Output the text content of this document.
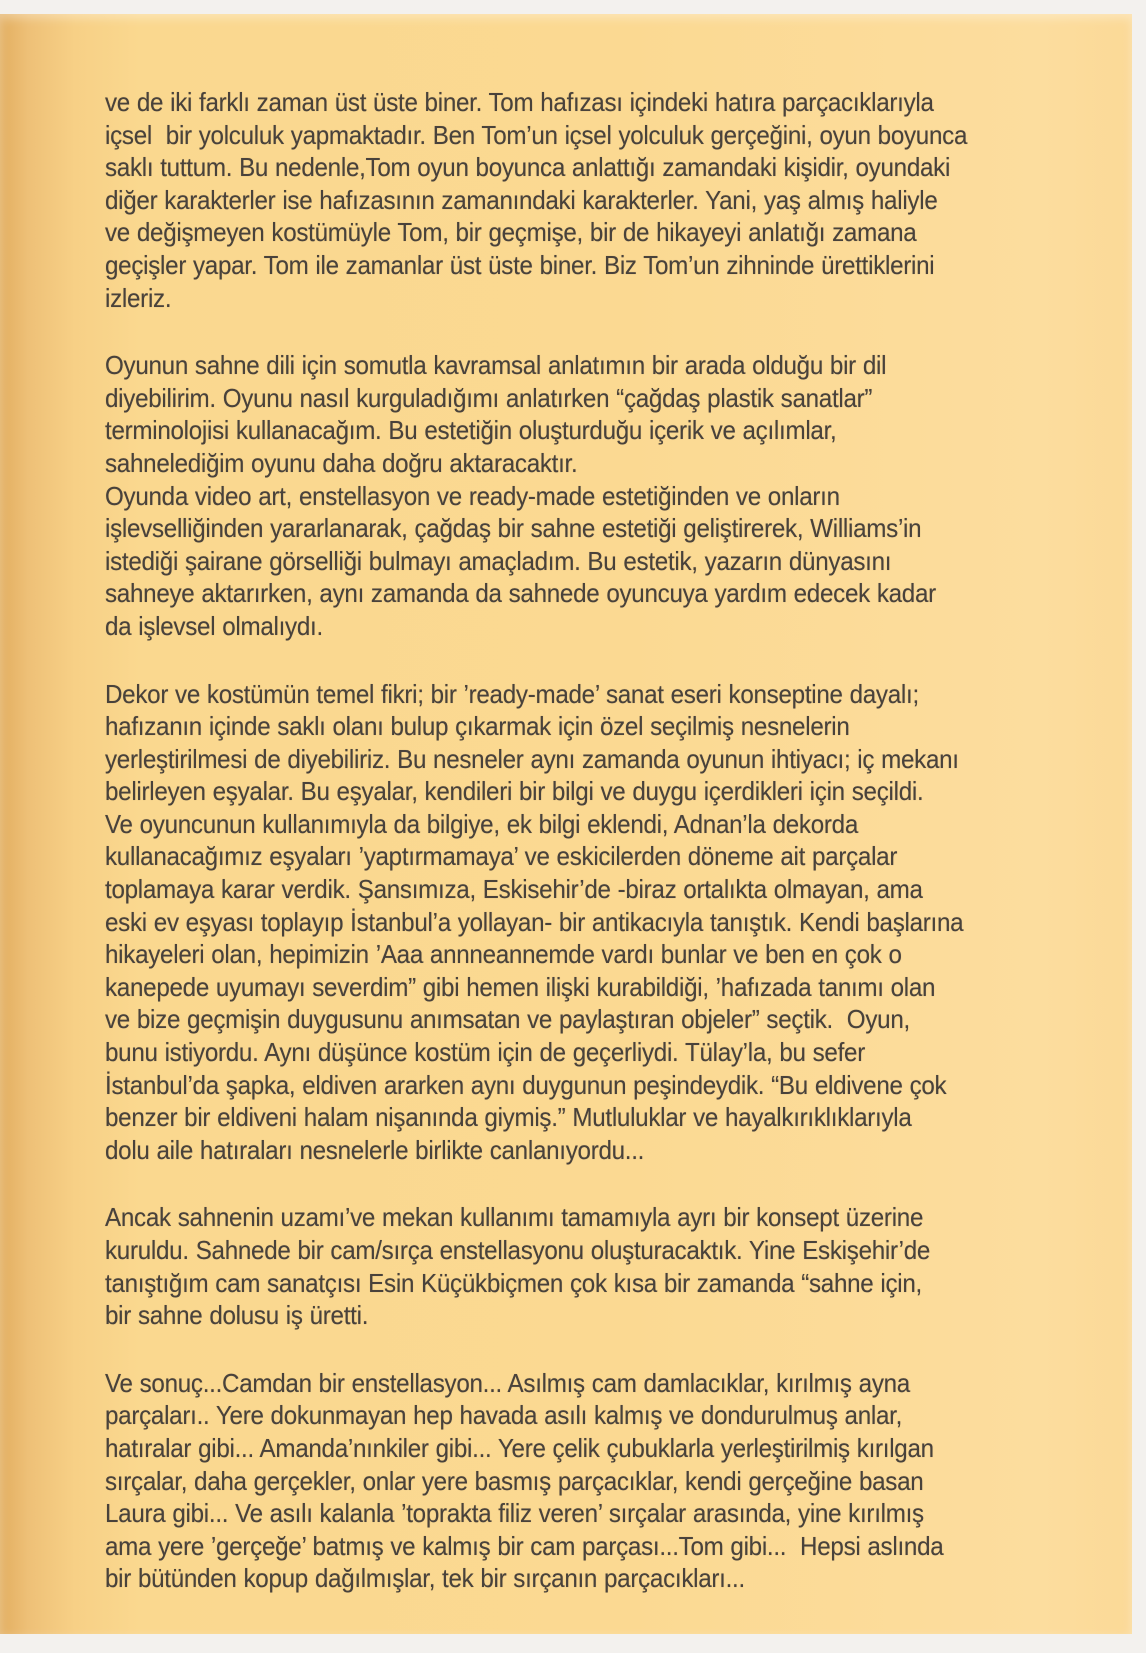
ve de iki farklı zaman üst üste biner. Tom hafızası içindeki hatıra parçacıklarıyla
içsel  bir yolculuk yapmaktadır. Ben Tom’un içsel yolculuk gerçeğini, oyun boyunca
saklı tuttum. Bu nedenle,Tom oyun boyunca anlattığı zamandaki kişidir, oyundaki
diğer karakterler ise hafızasının zamanındaki karakterler. Yani, yaş almış haliyle
ve değişmeyen kostümüyle Tom, bir geçmişe, bir de hikayeyi anlatığı zamana
geçişler yapar. Tom ile zamanlar üst üste biner. Biz Tom’un zihninde ürettiklerini
izleriz.
Oyunun sahne dili için somutla kavramsal anlatımın bir arada olduğu bir dil
diyebilirim. Oyunu nasıl kurguladığımı anlatırken “çağdaş plastik sanatlar”
terminolojisi kullanacağım. Bu estetiğin oluşturduğu içerik ve açılımlar,
sahnelediğim oyunu daha doğru aktaracaktır.
Oyunda video art, enstellasyon ve ready-made estetiğinden ve onların
işlevselliğinden yararlanarak, çağdaş bir sahne estetiği geliştirerek, Williams’in
istediği şairane görselliği bulmayı amaçladım. Bu estetik, yazarın dünyasını
sahneye aktarırken, aynı zamanda da sahnede oyuncuya yardım edecek kadar
da işlevsel olmalıydı.
Dekor ve kostümün temel fikri; bir ’ready-made’ sanat eseri konseptine dayalı;
hafızanın içinde saklı olanı bulup çıkarmak için özel seçilmiş nesnelerin
yerleştirilmesi de diyebiliriz. Bu nesneler aynı zamanda oyunun ihtiyacı; iç mekanı
belirleyen eşyalar. Bu eşyalar, kendileri bir bilgi ve duygu içerdikleri için seçildi.
Ve oyuncunun kullanımıyla da bilgiye, ek bilgi eklendi, Adnan’la dekorda
kullanacağımız eşyaları ’yaptırmamaya’ ve eskicilerden döneme ait parçalar
toplamaya karar verdik. Şansımıza, Eskisehir’de -biraz ortalıkta olmayan, ama
eski ev eşyası toplayıp İstanbul’a yollayan- bir antikacıyla tanıştık. Kendi başlarına
hikayeleri olan, hepimizin ’Aaa annneannemde vardı bunlar ve ben en çok o
kanepede uyumayı severdim” gibi hemen ilişki kurabildiği, ’hafızada tanımı olan
ve bize geçmişin duygusunu anımsatan ve paylaştıran objeler” seçtik.  Oyun,
bunu istiyordu. Aynı düşünce kostüm için de geçerliydi. Tülay’la, bu sefer
İstanbul’da şapka, eldiven ararken aynı duygunun peşindeydik. “Bu eldivene çok
benzer bir eldiveni halam nişanında giymiş.” Mutluluklar ve hayalkırıklıklarıyla
dolu aile hatıraları nesnelerle birlikte canlanıyordu...
Ancak sahnenin uzamı’ve mekan kullanımı tamamıyla ayrı bir konsept üzerine
kuruldu. Sahnede bir cam/sırça enstellasyonu oluşturacaktık. Yine Eskişehir’de
tanıştığım cam sanatçısı Esin Küçükbiçmen çok kısa bir zamanda “sahne için,
bir sahne dolusu iş üretti.
Ve sonuç...Camdan bir enstellasyon... Asılmış cam damlacıklar, kırılmış ayna
parçaları.. Yere dokunmayan hep havada asılı kalmış ve dondurulmuş anlar,
hatıralar gibi... Amanda’nınkiler gibi... Yere çelik çubuklarla yerleştirilmiş kırılgan
sırçalar, daha gerçekler, onlar yere basmış parçacıklar, kendi gerçeğine basan
Laura gibi... Ve asılı kalanla ’toprakta filiz veren’ sırçalar arasında, yine kırılmış
ama yere ’gerçeğe’ batmış ve kalmış bir cam parçası...Tom gibi...  Hepsi aslında
bir bütünden kopup dağılmışlar, tek bir sırçanın parçacıkları...
